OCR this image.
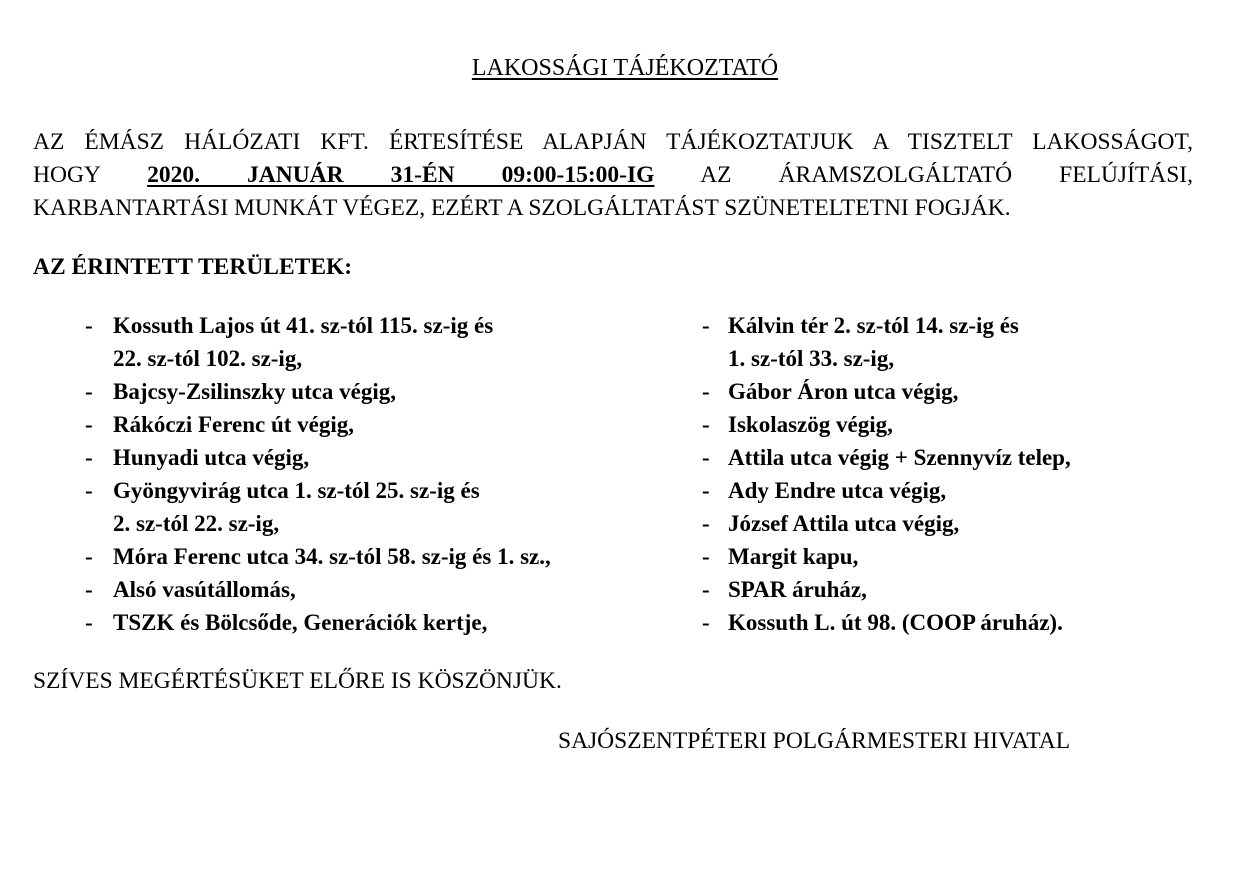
LAKOSSÁGI TÁJÉKOZTATÓ
AZ ÉMÁSZ HÁLÓZATI KFT. ÉRTESÍTÉSE ALAPJÁN TÁJÉKOZTATJUK A TISZTELT LAKOSSÁGOT,
HOGY 2020. JANUÁR 31-ÉN 09:00-15:00-IG AZ ÁRAMSZOLGÁLTATÓ FELÚJÍTÁSI,
KARBANTARTÁSI MUNKÁT VÉGEZ, EZÉRT A SZOLGÁLTATÁST SZÜNETELTETNI FOGJÁK.
AZ ÉRINTETT TERÜLETEK:
- Kossuth Lajos út 41. sz-tól 115. sz-ig és
22. sz-tól 102. sz-ig,
- Bajcsy-Zsilinszky utca végig,
- Rákóczi Ferenc út végig,
- Hunyadi utca végig,
- Gyöngyvirág utca 1. sz-tól 25. sz-ig és
2. sz-tól 22. sz-ig,
- Móra Ferenc utca 34. sz-tól 58. sz-ig és 1. sz.,
- Alsó vasútállomás,
- TSZK és Bölcsőde, Generációk kertje,
- Kálvin tér 2. sz-tól 14. sz-ig és
1. sz-tól 33. sz-ig,
- Gábor Áron utca végig,
- Iskolaszög végig,
- Attila utca végig + Szennyvíz telep,
- Ady Endre utca végig,
- József Attila utca végig,
- Margit kapu,
- SPAR áruház,
- Kossuth L. út 98. (COOP áruház).
SZÍVES MEGÉRTÉSÜKET ELŐRE IS KÖSZÖNJÜK.
SAJÓSZENTPÉTERI POLGÁRMESTERI HIVATAL
